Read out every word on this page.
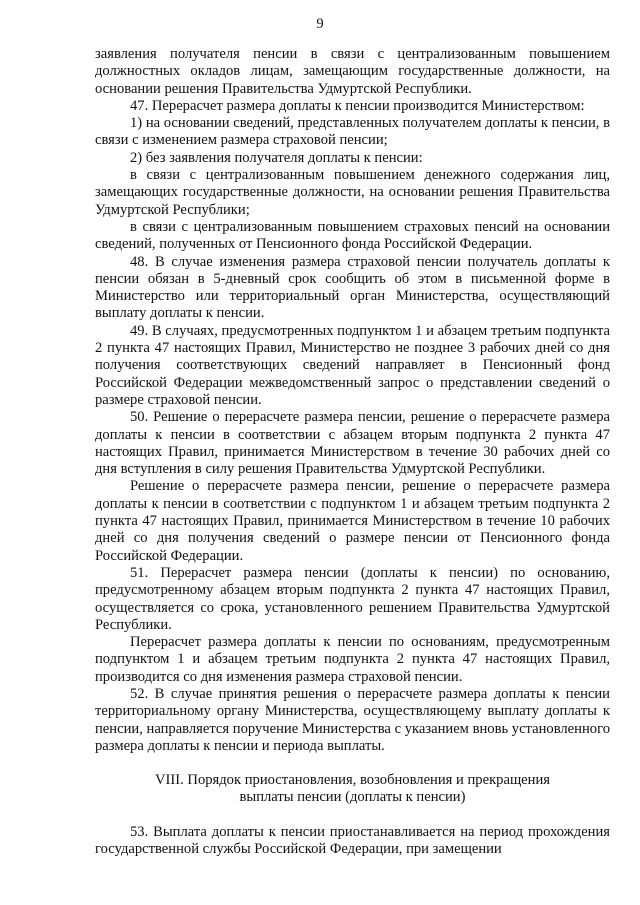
9

заявления получателя пенсии в связи с централизованным повышением должностных окладов лицам, замещающим государственные должности, на основании решения Правительства Удмуртской Республики.

47. Перерасчет размера доплаты к пенсии производится Министерством:

1) на основании сведений, представленных получателем доплаты к пенсии, в связи с изменением размера страховой пенсии;

2) без заявления получателя доплаты к пенсии:

в связи с централизованным повышением денежного содержания лиц, замещающих государственные должности, на основании решения Правительства Удмуртской Республики;

в связи с централизованным повышением страховых пенсий на основании сведений, полученных от Пенсионного фонда Российской Федерации.

48. В случае изменения размера страховой пенсии получатель доплаты к пенсии обязан в 5-дневный срок сообщить об этом в письменной форме в Министерство или территориальный орган Министерства, осуществляющий выплату доплаты к пенсии.

49. В случаях, предусмотренных подпунктом 1 и абзацем третьим подпункта 2 пункта 47 настоящих Правил, Министерство не позднее 3 рабочих дней со дня получения соответствующих сведений направляет в Пенсионный фонд Российской Федерации межведомственный запрос о представлении сведений о размере страховой пенсии.

50. Решение о перерасчете размера пенсии, решение о перерасчете размера доплаты к пенсии в соответствии с абзацем вторым подпункта 2 пункта 47 настоящих Правил, принимается Министерством в течение 30 рабочих дней со дня вступления в силу решения Правительства Удмуртской Республики.

Решение о перерасчете размера пенсии, решение о перерасчете размера доплаты к пенсии в соответствии с подпунктом 1 и абзацем третьим подпункта 2 пункта 47 настоящих Правил, принимается Министерством в течение 10 рабочих дней со дня получения сведений о размере пенсии от Пенсионного фонда Российской Федерации.

51. Перерасчет размера пенсии (доплаты к пенсии) по основанию, предусмотренному абзацем вторым подпункта 2 пункта 47 настоящих Правил, осуществляется со срока, установленного решением Правительства Удмуртской Республики.

Перерасчет размера доплаты к пенсии по основаниям, предусмотренным подпунктом 1 и абзацем третьим подпункта 2 пункта 47 настоящих Правил, производится со дня изменения размера страховой пенсии.

52. В случае принятия решения о перерасчете размера доплаты к пенсии территориальному органу Министерства, осуществляющему выплату доплаты к пенсии, направляется поручение Министерства с указанием вновь установленного размера доплаты к пенсии и периода выплаты.

VIII. Порядок приостановления, возобновления и прекращения
выплаты пенсии (доплаты к пенсии)

53. Выплата доплаты к пенсии приостанавливается на период прохождения государственной службы Российской Федерации, при замещении
